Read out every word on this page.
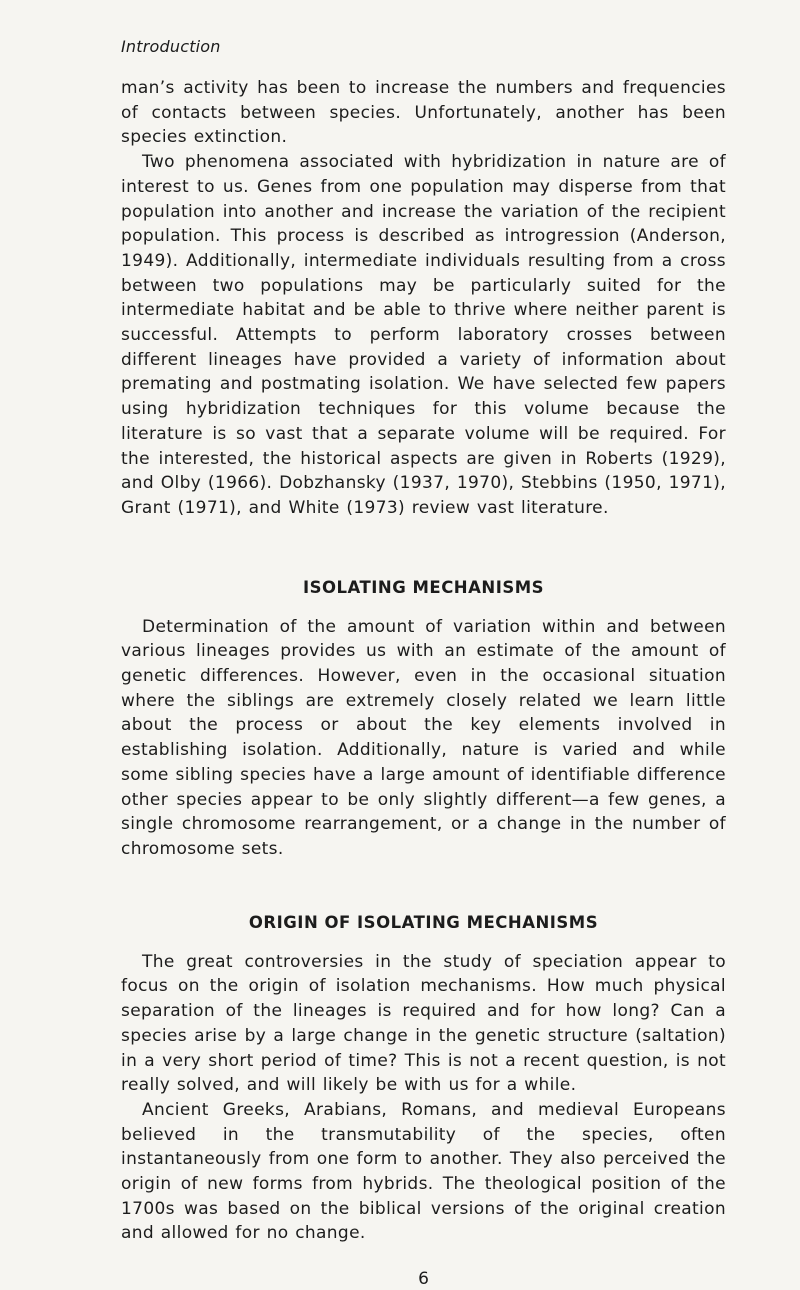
Introduction

man’s activity has been to increase the numbers and frequencies of contacts between species. Unfortunately, another has been species extinction.

Two phenomena associated with hybridization in nature are of interest to us. Genes from one population may disperse from that population into another and increase the variation of the recipient population. This process is described as introgression (Anderson, 1949). Additionally, intermediate individuals resulting from a cross between two populations may be particularly suited for the intermediate habitat and be able to thrive where neither parent is successful. Attempts to perform laboratory crosses between different lineages have provided a variety of information about premating and postmating isolation. We have selected few papers using hybridization techniques for this volume because the literature is so vast that a separate volume will be required. For the interested, the historical aspects are given in Roberts (1929), and Olby (1966). Dobzhansky (1937, 1970), Stebbins (1950, 1971), Grant (1971), and White (1973) review vast literature.

ISOLATING MECHANISMS

Determination of the amount of variation within and between various lineages provides us with an estimate of the amount of genetic differences. However, even in the occasional situation where the siblings are extremely closely related we learn little about the process or about the key elements involved in establishing isolation. Additionally, nature is varied and while some sibling species have a large amount of identifiable difference other species appear to be only slightly different—a few genes, a single chromosome rearrangement, or a change in the number of chromosome sets.

ORIGIN OF ISOLATING MECHANISMS

The great controversies in the study of speciation appear to focus on the origin of isolation mechanisms. How much physical separation of the lineages is required and for how long? Can a species arise by a large change in the genetic structure (saltation) in a very short period of time? This is not a recent question, is not really solved, and will likely be with us for a while.

Ancient Greeks, Arabians, Romans, and medieval Europeans believed in the transmutability of the species, often instantaneously from one form to another. They also perceived the origin of new forms from hybrids. The theological position of the 1700s was based on the biblical versions of the original creation and allowed for no change.

6
